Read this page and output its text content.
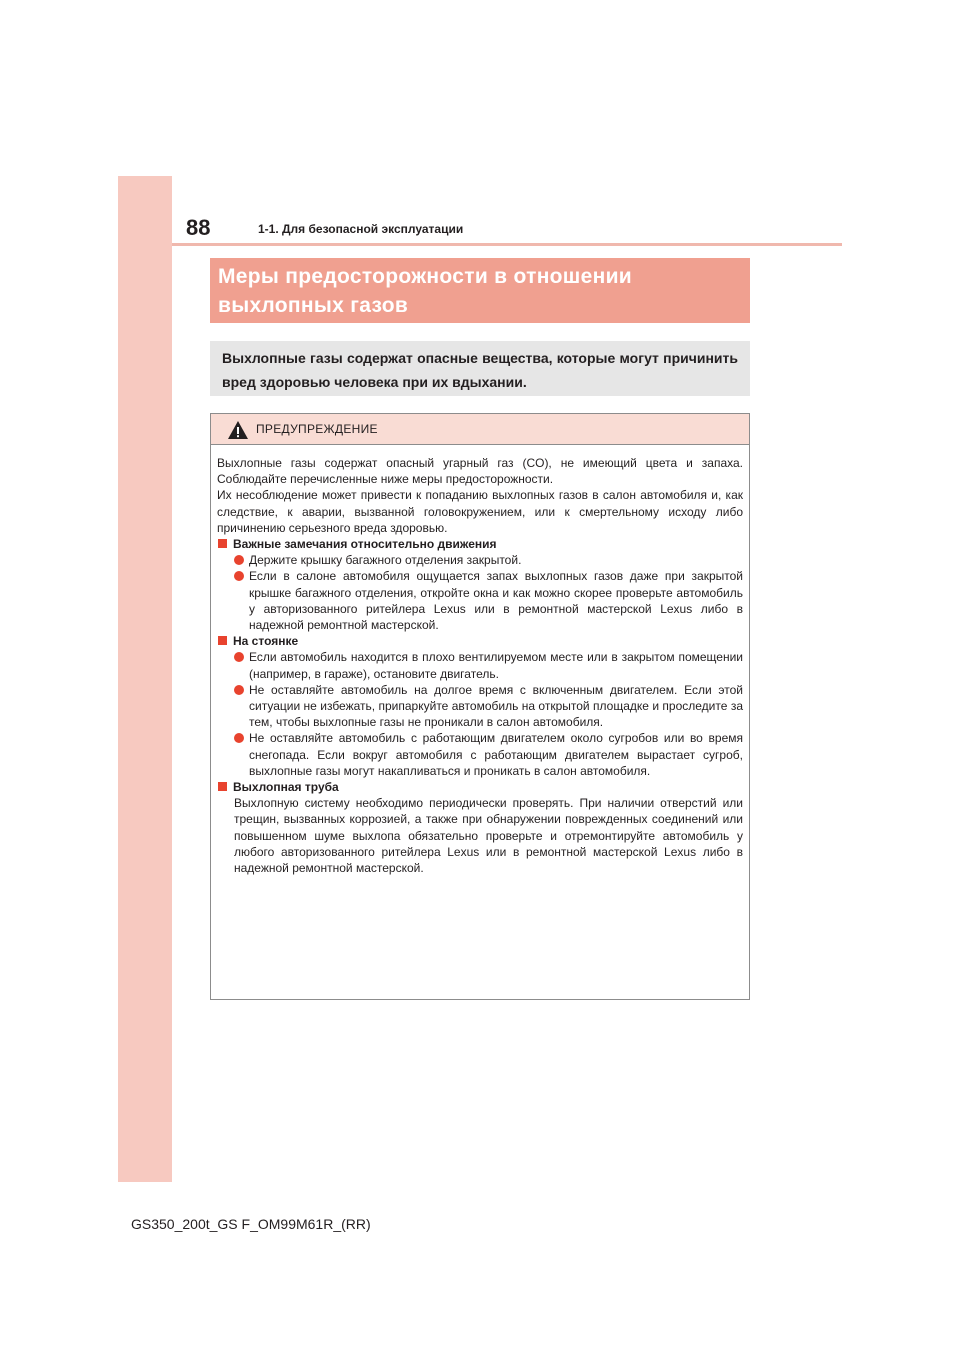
88	1-1. Для безопасной эксплуатации
Меры предосторожности в отношении
выхлопных газов
Выхлопные газы содержат опасные вещества, которые могут причинить вред здоровью человека при их вдыхании.
ПРЕДУПРЕЖДЕНИЕ

Выхлопные газы содержат опасный угарный газ (CO), не имеющий цвета и запаха. Соблюдайте перечисленные ниже меры предосторожности.

Их несоблюдение может привести к попаданию выхлопных газов в салон автомобиля и, как следствие, к аварии, вызванной головокружением, или к смертельному исходу либо причинению серьезного вреда здоровью.

Важные замечания относительно движения

Держите крышку багажного отделения закрытой.

Если в салоне автомобиля ощущается запах выхлопных газов даже при закрытой крышке багажного отделения, откройте окна и как можно скорее проверьте автомобиль у авторизованного ритейлера Lexus или в ремонтной мастерской Lexus либо в надежной ремонтной мастерской.

На стоянке

Если автомобиль находится в плохо вентилируемом месте или в закрытом помещении (например, в гараже), остановите двигатель.

Не оставляйте автомобиль на долгое время с включенным двигателем. Если этой ситуации не избежать, припаркуйте автомобиль на открытой площадке и проследите за тем, чтобы выхлопные газы не проникали в салон автомобиля.

Не оставляйте автомобиль с работающим двигателем около сугробов или во время снегопада. Если вокруг автомобиля с работающим двигателем вырастает сугроб, выхлопные газы могут накапливаться и проникать в салон автомобиля.

Выхлопная труба

Выхлопную систему необходимо периодически проверять. При наличии отверстий или трещин, вызванных коррозией, а также при обнаружении поврежденных соединений или повышенном шуме выхлопа обязательно проверьте и отремонтируйте автомобиль у любого авторизованного ритейлера Lexus или в ремонтной мастерской Lexus либо в надежной ремонтной мастерской.

GS350_200t_GS F_OM99M61R_(RR)
